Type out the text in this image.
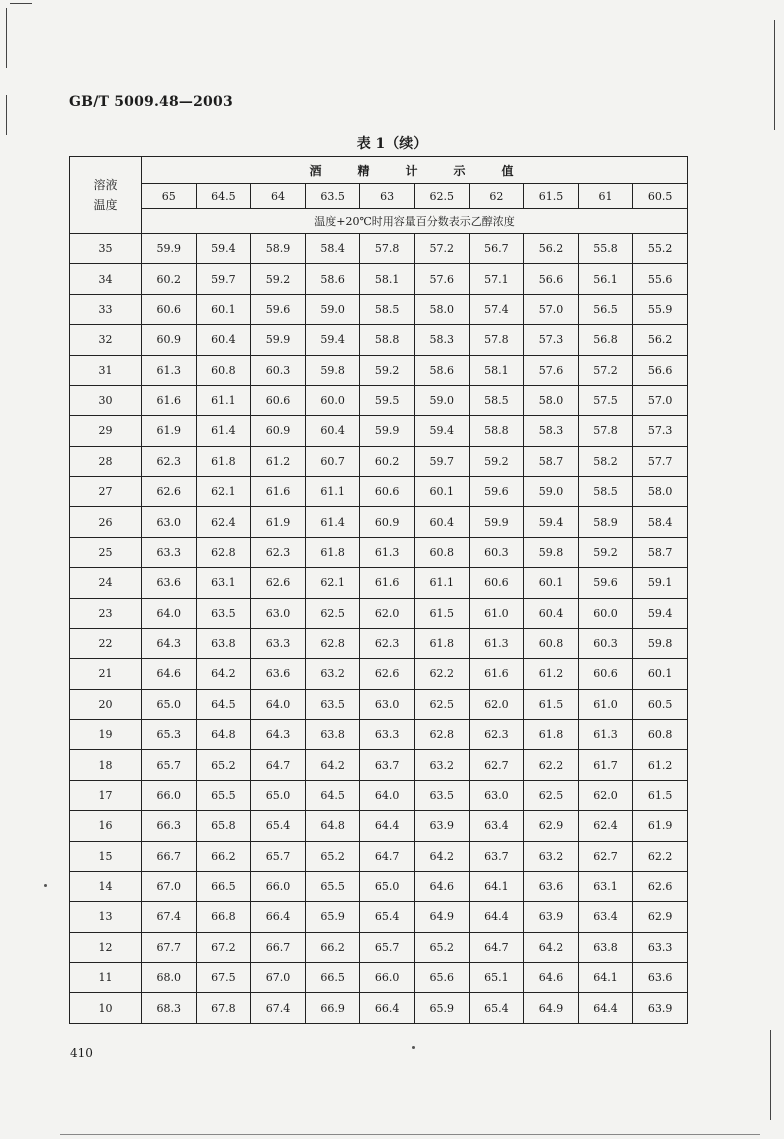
GB/T 5009.48—2003
表 1（续）
溶液
温度	酒精计示值									
	65	64.5	64	63.5	63	62.5	62	61.5	61	60.5
	温度+20℃时用容量百分数表示乙醇浓度									
35	59.9	59.4	58.9	58.4	57.8	57.2	56.7	56.2	55.8	55.2
34	60.2	59.7	59.2	58.6	58.1	57.6	57.1	56.6	56.1	55.6
33	60.6	60.1	59.6	59.0	58.5	58.0	57.4	57.0	56.5	55.9
32	60.9	60.4	59.9	59.4	58.8	58.3	57.8	57.3	56.8	56.2
31	61.3	60.8	60.3	59.8	59.2	58.6	58.1	57.6	57.2	56.6
30	61.6	61.1	60.6	60.0	59.5	59.0	58.5	58.0	57.5	57.0
29	61.9	61.4	60.9	60.4	59.9	59.4	58.8	58.3	57.8	57.3
28	62.3	61.8	61.2	60.7	60.2	59.7	59.2	58.7	58.2	57.7
27	62.6	62.1	61.6	61.1	60.6	60.1	59.6	59.0	58.5	58.0
26	63.0	62.4	61.9	61.4	60.9	60.4	59.9	59.4	58.9	58.4
25	63.3	62.8	62.3	61.8	61.3	60.8	60.3	59.8	59.2	58.7
24	63.6	63.1	62.6	62.1	61.6	61.1	60.6	60.1	59.6	59.1
23	64.0	63.5	63.0	62.5	62.0	61.5	61.0	60.4	60.0	59.4
22	64.3	63.8	63.3	62.8	62.3	61.8	61.3	60.8	60.3	59.8
21	64.6	64.2	63.6	63.2	62.6	62.2	61.6	61.2	60.6	60.1
20	65.0	64.5	64.0	63.5	63.0	62.5	62.0	61.5	61.0	60.5
19	65.3	64.8	64.3	63.8	63.3	62.8	62.3	61.8	61.3	60.8
18	65.7	65.2	64.7	64.2	63.7	63.2	62.7	62.2	61.7	61.2
17	66.0	65.5	65.0	64.5	64.0	63.5	63.0	62.5	62.0	61.5
16	66.3	65.8	65.4	64.8	64.4	63.9	63.4	62.9	62.4	61.9
15	66.7	66.2	65.7	65.2	64.7	64.2	63.7	63.2	62.7	62.2
14	67.0	66.5	66.0	65.5	65.0	64.6	64.1	63.6	63.1	62.6
13	67.4	66.8	66.4	65.9	65.4	64.9	64.4	63.9	63.4	62.9
12	67.7	67.2	66.7	66.2	65.7	65.2	64.7	64.2	63.8	63.3
11	68.0	67.5	67.0	66.5	66.0	65.6	65.1	64.6	64.1	63.6
10	68.3	67.8	67.4	66.9	66.4	65.9	65.4	64.9	64.4	63.9
410
